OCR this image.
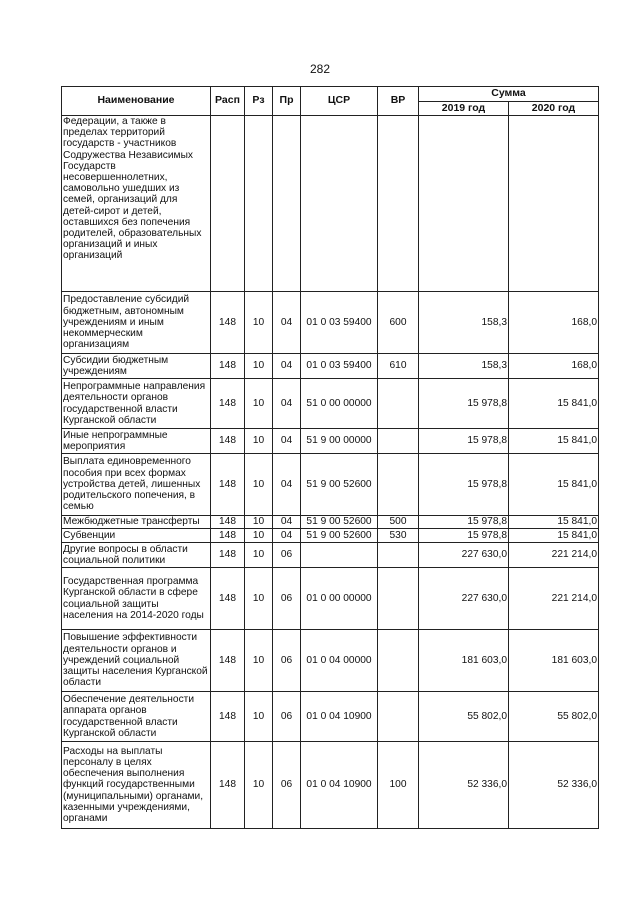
282
Наименование	Расп	Рз	Пр	ЦСР	ВР	Сумма	
						2019 год	2020 год
Федерации, а также в пределах территорий государств - участников Содружества Независимых Государств несовершеннолетних, самовольно ушедших из семей, организаций для детей-сирот и детей, оставшихся без попечения родителей, образовательных организаций и иных организаций							
Предоставление субсидий бюджетным, автономным учреждениям и иным некоммерческим организациям	148	10	04	01 0 03 59400	600	158,3	168,0
Субсидии бюджетным учреждениям	148	10	04	01 0 03 59400	610	158,3	168,0
Непрограммные направления деятельности органов государственной власти Курганской области	148	10	04	51 0 00 00000		15 978,8	15 841,0
Иные непрограммные мероприятия	148	10	04	51 9 00 00000		15 978,8	15 841,0
Выплата единовременного пособия при всех формах устройства детей, лишенных родительского попечения, в семью	148	10	04	51 9 00 52600		15 978,8	15 841,0
Межбюджетные трансферты	148	10	04	51 9 00 52600	500	15 978,8	15 841,0
Субвенции	148	10	04	51 9 00 52600	530	15 978,8	15 841,0
Другие вопросы в области социальной политики	148	10	06			227 630,0	221 214,0
Государственная программа Курганской области в сфере социальной защиты населения на 2014-2020 годы	148	10	06	01 0 00 00000		227 630,0	221 214,0
Повышение эффективности деятельности органов и учреждений социальной защиты населения Курганской области	148	10	06	01 0 04 00000		181 603,0	181 603,0
Обеспечение деятельности аппарата органов государственной власти Курганской области	148	10	06	01 0 04 10900		55 802,0	55 802,0
Расходы на выплаты персоналу в целях обеспечения выполнения функций государственными (муниципальными) органами, казенными учреждениями, органами	148	10	06	01 0 04 10900	100	52 336,0	52 336,0
